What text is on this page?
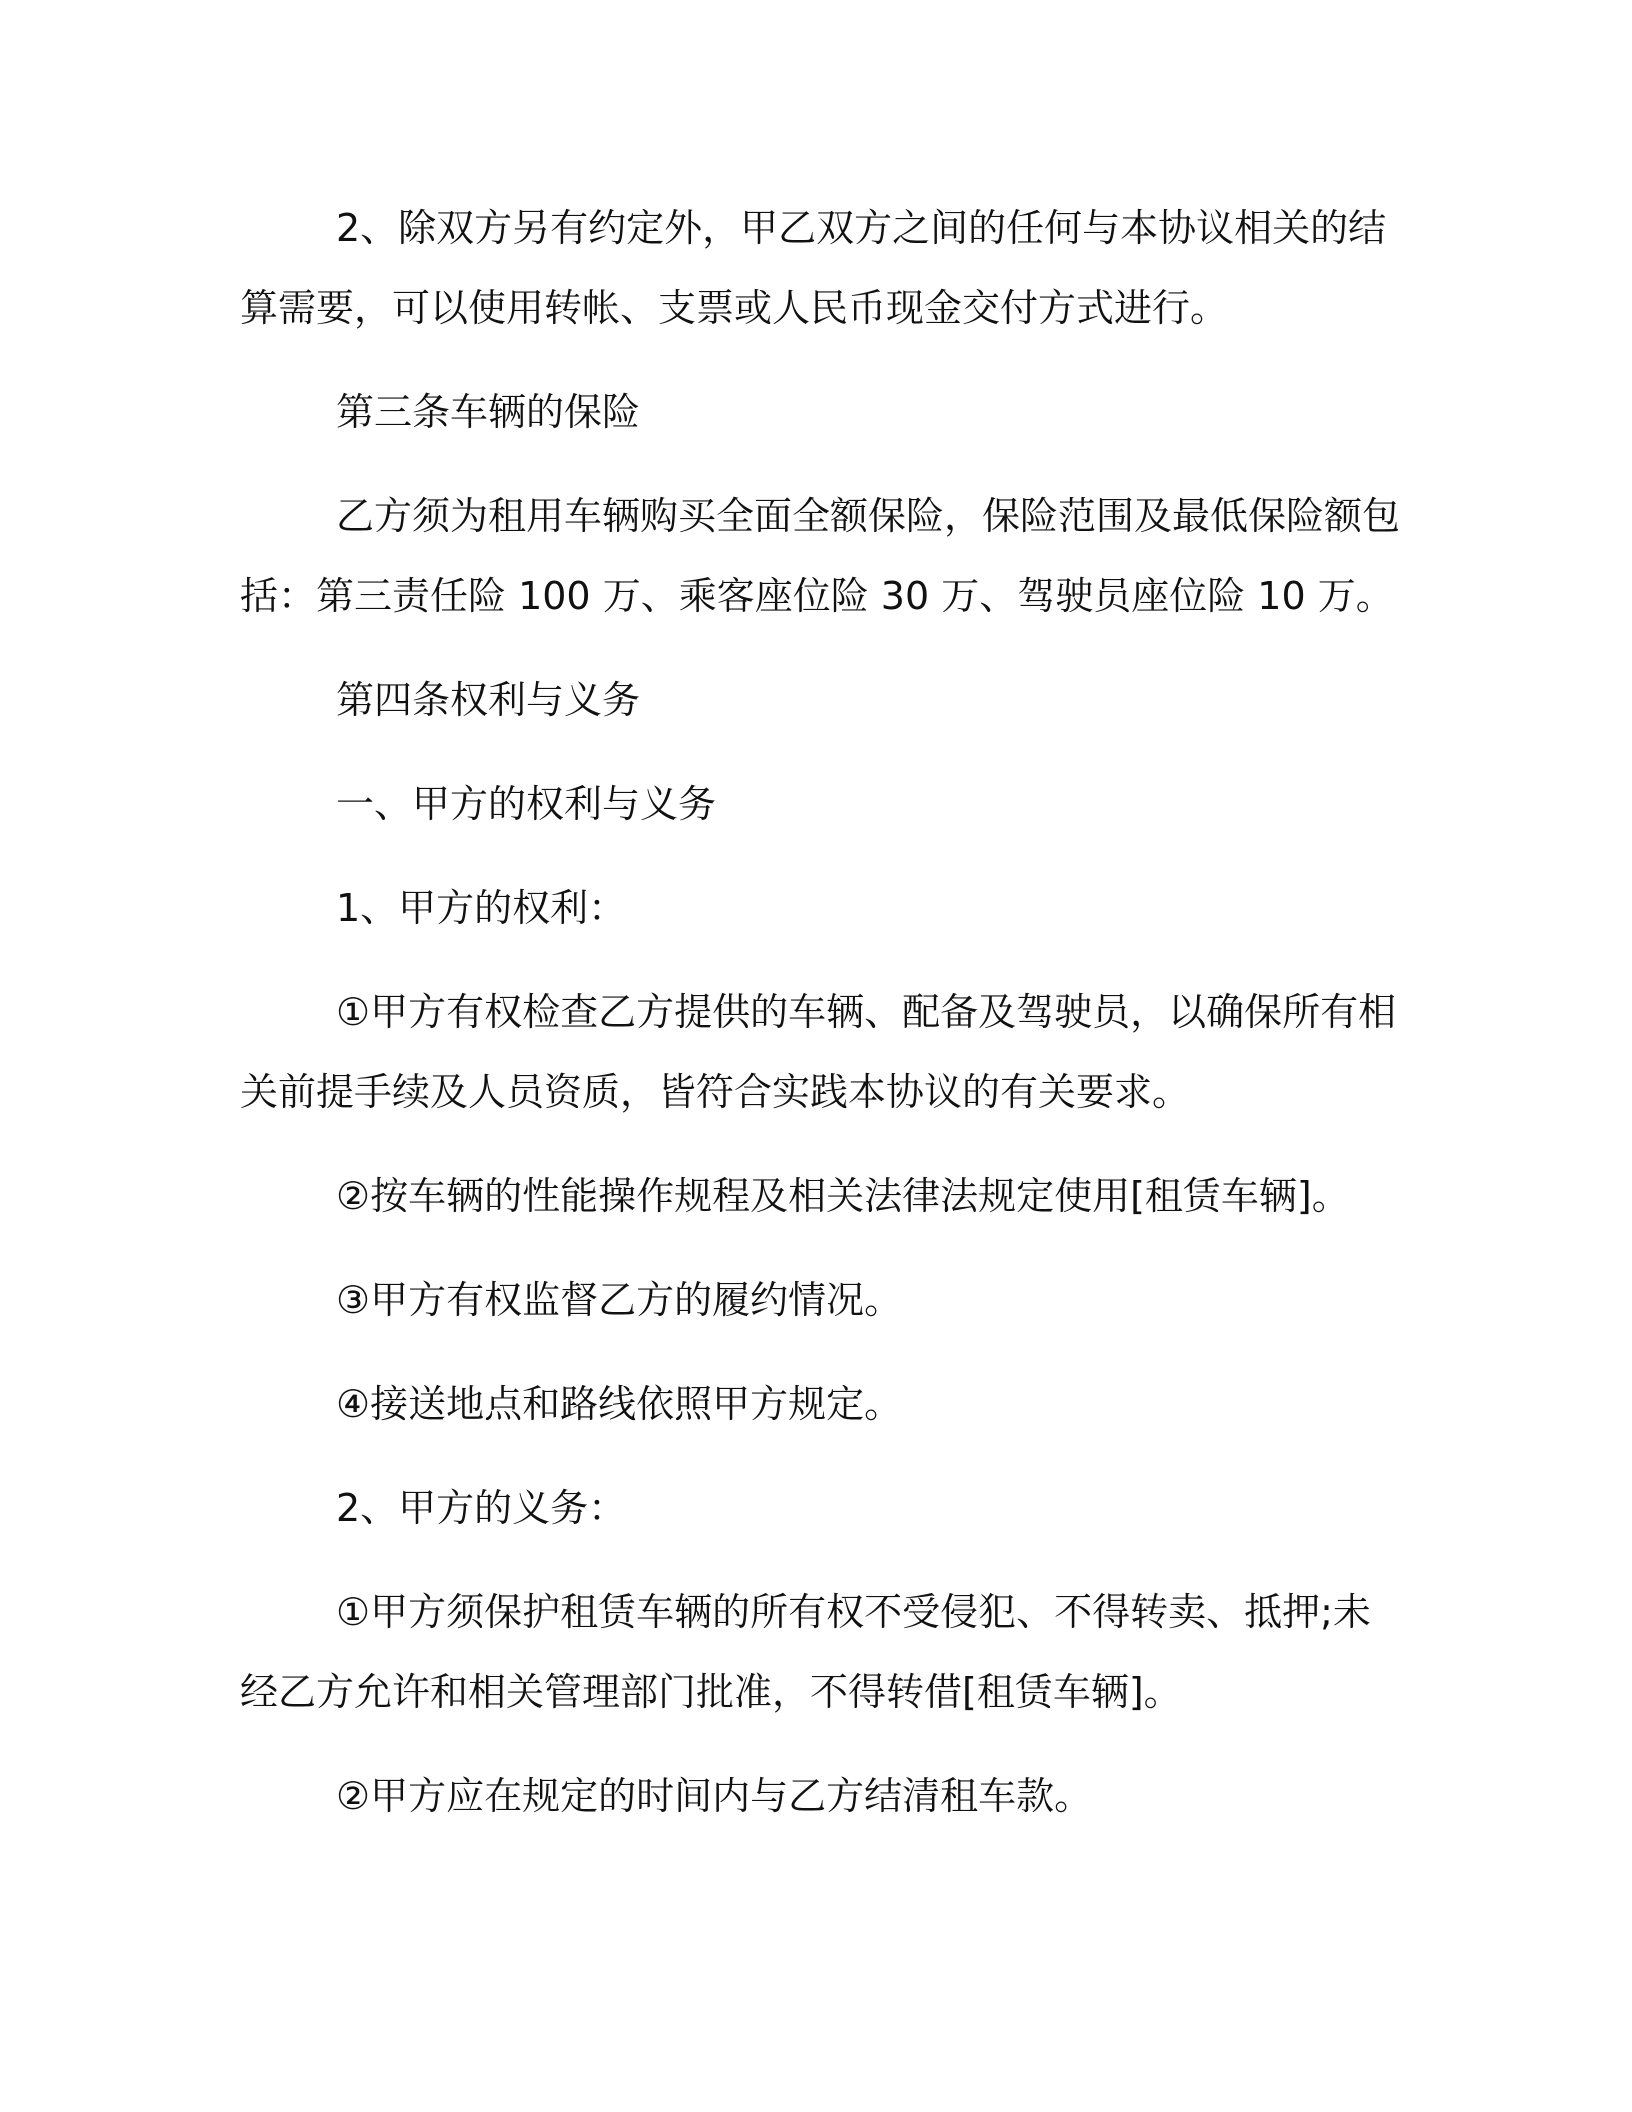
2、除双方另有约定外，甲乙双方之间的任何与本协议相关的结
算需要，可以使用转帐、支票或人民币现金交付方式进行。

第三条车辆的保险

乙方须为租用车辆购买全面全额保险，保险范围及最低保险额包
括：第三责任险 100 万、乘客座位险 30 万、驾驶员座位险 10 万。

第四条权利与义务

一、甲方的权利与义务

1、甲方的权利：

①甲方有权检查乙方提供的车辆、配备及驾驶员，以确保所有相
关前提手续及人员资质，皆符合实践本协议的有关要求。

②按车辆的性能操作规程及相关法律法规定使用[租赁车辆]。

③甲方有权监督乙方的履约情况。

④接送地点和路线依照甲方规定。

2、甲方的义务：

①甲方须保护租赁车辆的所有权不受侵犯、不得转卖、抵押;未
经乙方允许和相关管理部门批准，不得转借[租赁车辆]。

②甲方应在规定的时间内与乙方结清租车款。
